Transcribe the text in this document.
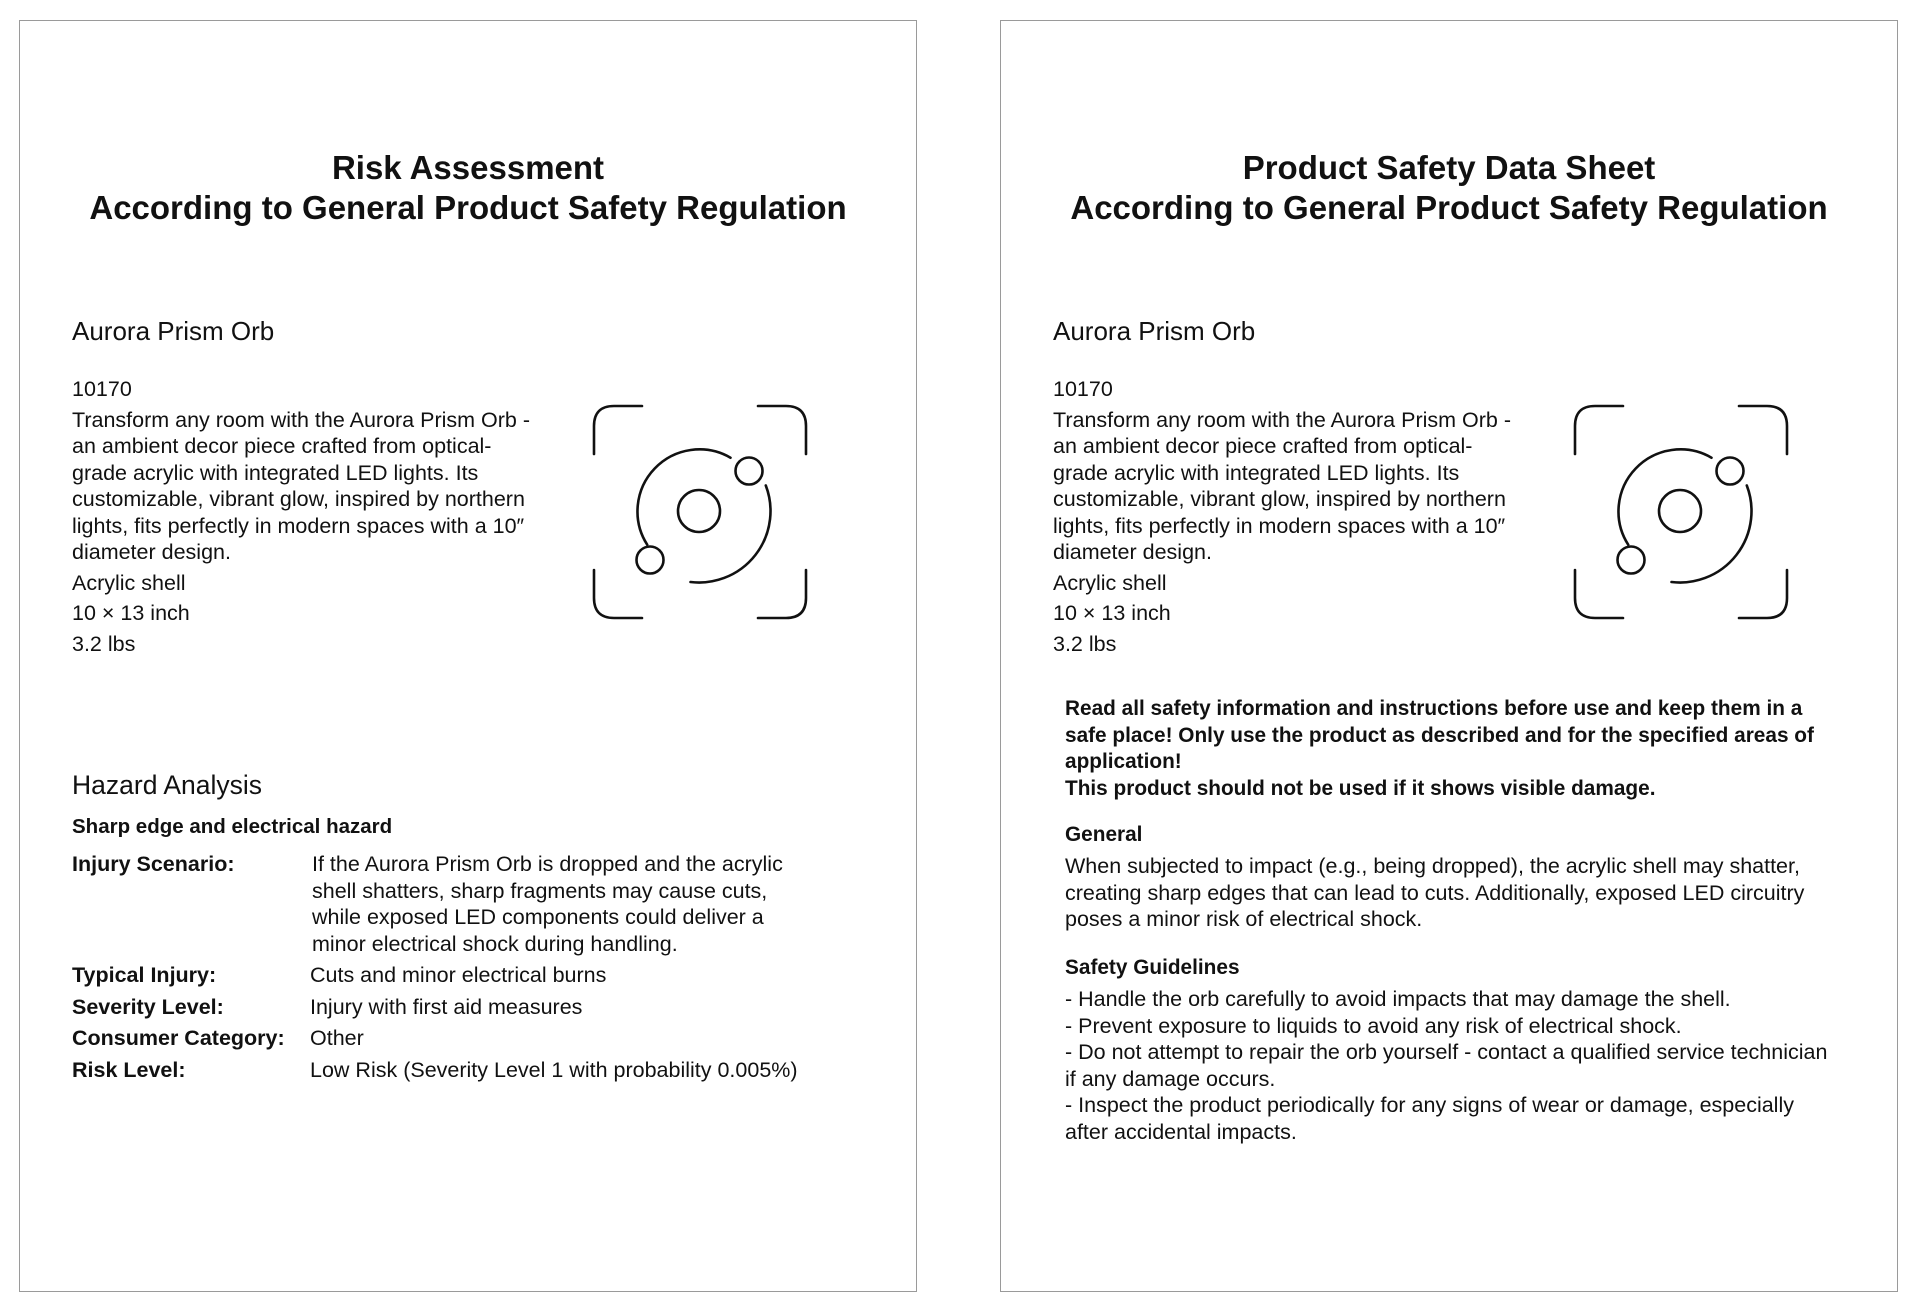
Risk Assessment
According to General Product Safety Regulation
Aurora Prism Orb
10170
Transform any room with the Aurora Prism Orb - an ambient decor piece crafted from optical-grade acrylic with integrated LED lights. Its customizable, vibrant glow, inspired by northern lights, fits perfectly in modern spaces with a 10″ diameter design.
Acrylic shell
10 × 13 inch
3.2 lbs
Hazard Analysis
Sharp edge and electrical hazard
Injury Scenario:	If the Aurora Prism Orb is dropped and the acrylic shell shatters, sharp fragments may cause cuts, while exposed LED components could deliver a minor electrical shock during handling.
Typical Injury:	Cuts and minor electrical burns
Severity Level:	Injury with first aid measures
Consumer Category:	Other
Risk Level:	Low Risk (Severity Level 1 with probability 0.005%)
Product Safety Data Sheet
According to General Product Safety Regulation
Aurora Prism Orb
10170
Transform any room with the Aurora Prism Orb - an ambient decor piece crafted from optical-grade acrylic with integrated LED lights. Its customizable, vibrant glow, inspired by northern lights, fits perfectly in modern spaces with a 10″ diameter design.
Acrylic shell
10 × 13 inch
3.2 lbs
Read all safety information and instructions before use and keep them in a safe place! Only use the product as described and for the specified areas of application!
This product should not be used if it shows visible damage.
General
When subjected to impact (e.g., being dropped), the acrylic shell may shatter, creating sharp edges that can lead to cuts. Additionally, exposed LED circuitry poses a minor risk of electrical shock.
Safety Guidelines
- Handle the orb carefully to avoid impacts that may damage the shell.
- Prevent exposure to liquids to avoid any risk of electrical shock.
- Do not attempt to repair the orb yourself - contact a qualified service technician if any damage occurs.
- Inspect the product periodically for any signs of wear or damage, especially after accidental impacts.
